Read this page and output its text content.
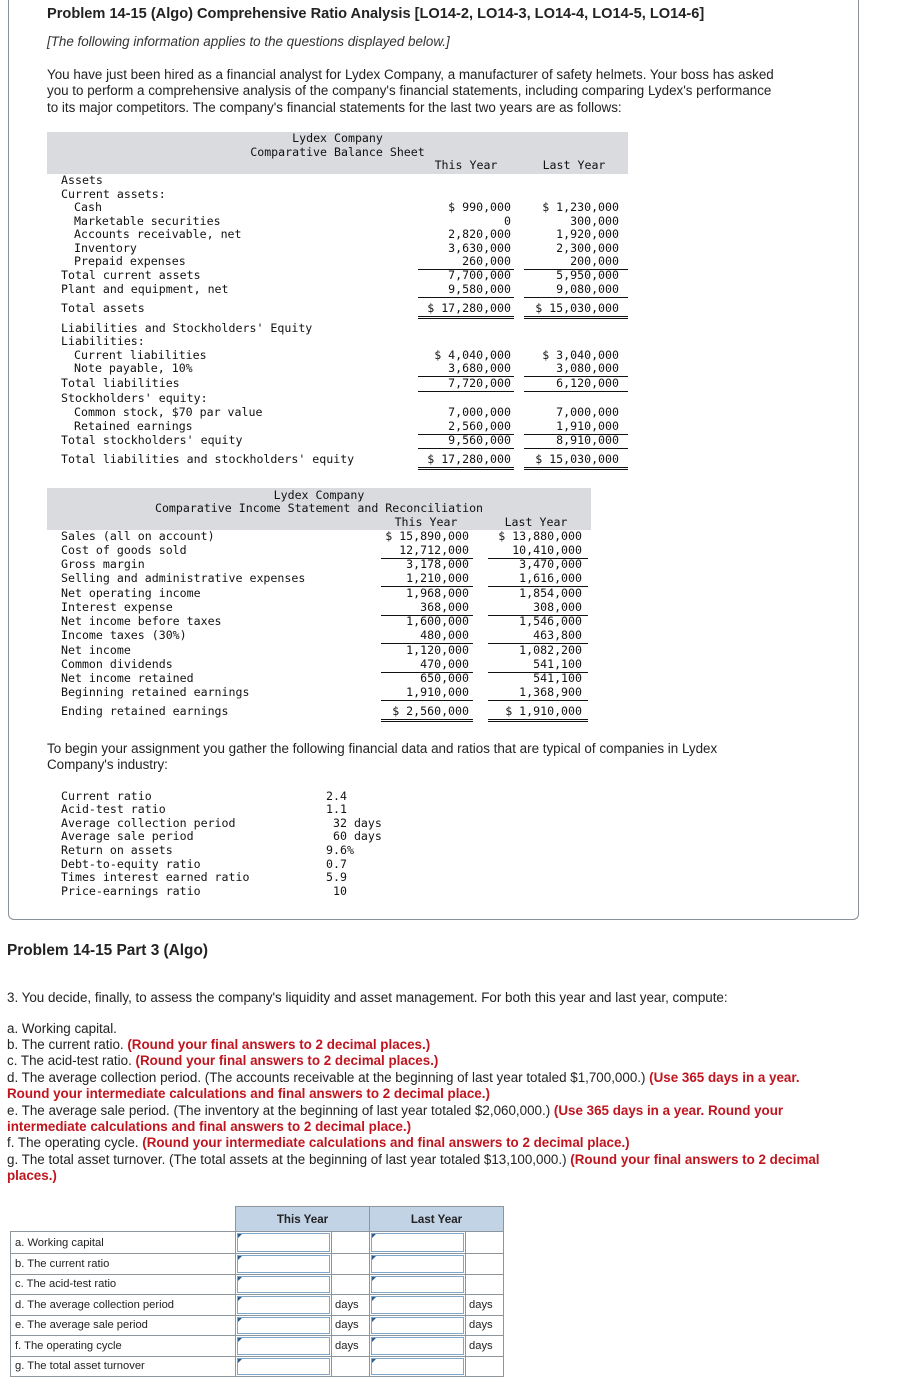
Problem 14-15 (Algo) Comprehensive Ratio Analysis [LO14-2, LO14-3, LO14-4, LO14-5, LO14-6]
[The following information applies to the questions displayed below.]
You have just been hired as a financial analyst for Lydex Company, a manufacturer of safety helmets. Your boss has asked
you to perform a comprehensive analysis of the company's financial statements, including comparing Lydex's performance
to its major competitors. The company's financial statements for the last two years are as follows:
Lydex Company
Comparative Balance Sheet
This Year	Last Year
Assets
Current assets:
Cash	$ 990,000	$ 1,230,000
Marketable securities	0	300,000
Accounts receivable, net	2,820,000	1,920,000
Inventory	3,630,000	2,300,000
Prepaid expenses	260,000	200,000
Total current assets	7,700,000	5,950,000
Plant and equipment, net	9,580,000	9,080,000
Total assets	$ 17,280,000	$ 15,030,000
Liabilities and Stockholders' Equity
Liabilities:
Current liabilities	$ 4,040,000	$ 3,040,000
Note payable, 10%	3,680,000	3,080,000
Total liabilities	7,720,000	6,120,000
Stockholders' equity:
Common stock, $70 par value	7,000,000	7,000,000
Retained earnings	2,560,000	1,910,000
Total stockholders' equity	9,560,000	8,910,000
Total liabilities and stockholders' equity	$ 17,280,000	$ 15,030,000
Lydex Company
Comparative Income Statement and Reconciliation
This Year	Last Year
Sales (all on account)	$ 15,890,000	$ 13,880,000
Cost of goods sold	12,712,000	10,410,000
Gross margin	3,178,000	3,470,000
Selling and administrative expenses	1,210,000	1,616,000
Net operating income	1,968,000	1,854,000
Interest expense	368,000	308,000
Net income before taxes	1,600,000	1,546,000
Income taxes (30%)	480,000	463,800
Net income	1,120,000	1,082,200
Common dividends	470,000	541,100
Net income retained	650,000	541,100
Beginning retained earnings	1,910,000	1,368,900
Ending retained earnings	$ 2,560,000	$ 1,910,000
To begin your assignment you gather the following financial data and ratios that are typical of companies in Lydex
Company's industry:
Current ratio	2.4
Acid-test ratio	1.1
Average collection period	32 days
Average sale period	60 days
Return on assets	9.6%
Debt-to-equity ratio	0.7
Times interest earned ratio	5.9
Price-earnings ratio	10
Problem 14-15 Part 3 (Algo)
3. You decide, finally, to assess the company's liquidity and asset management. For both this year and last year, compute:
a. Working capital.
b. The current ratio. (Round your final answers to 2 decimal places.)
c. The acid-test ratio. (Round your final answers to 2 decimal places.)
d. The average collection period. (The accounts receivable at the beginning of last year totaled $1,700,000.) (Use 365 days in a year.
Round your intermediate calculations and final answers to 2 decimal place.)
e. The average sale period. (The inventory at the beginning of last year totaled $2,060,000.) (Use 365 days in a year. Round your
intermediate calculations and final answers to 2 decimal place.)
f. The operating cycle. (Round your intermediate calculations and final answers to 2 decimal place.)
g. The total asset turnover. (The total assets at the beginning of last year totaled $13,100,000.) (Round your final answers to 2 decimal
places.)
	This Year		Last Year	
a. Working capital	

b. The current ratio	

c. The acid-test ratio	

d. The average collection period		days		days
e. The average sale period		days		days
f. The operating cycle		days		days
g. The total asset turnover	
